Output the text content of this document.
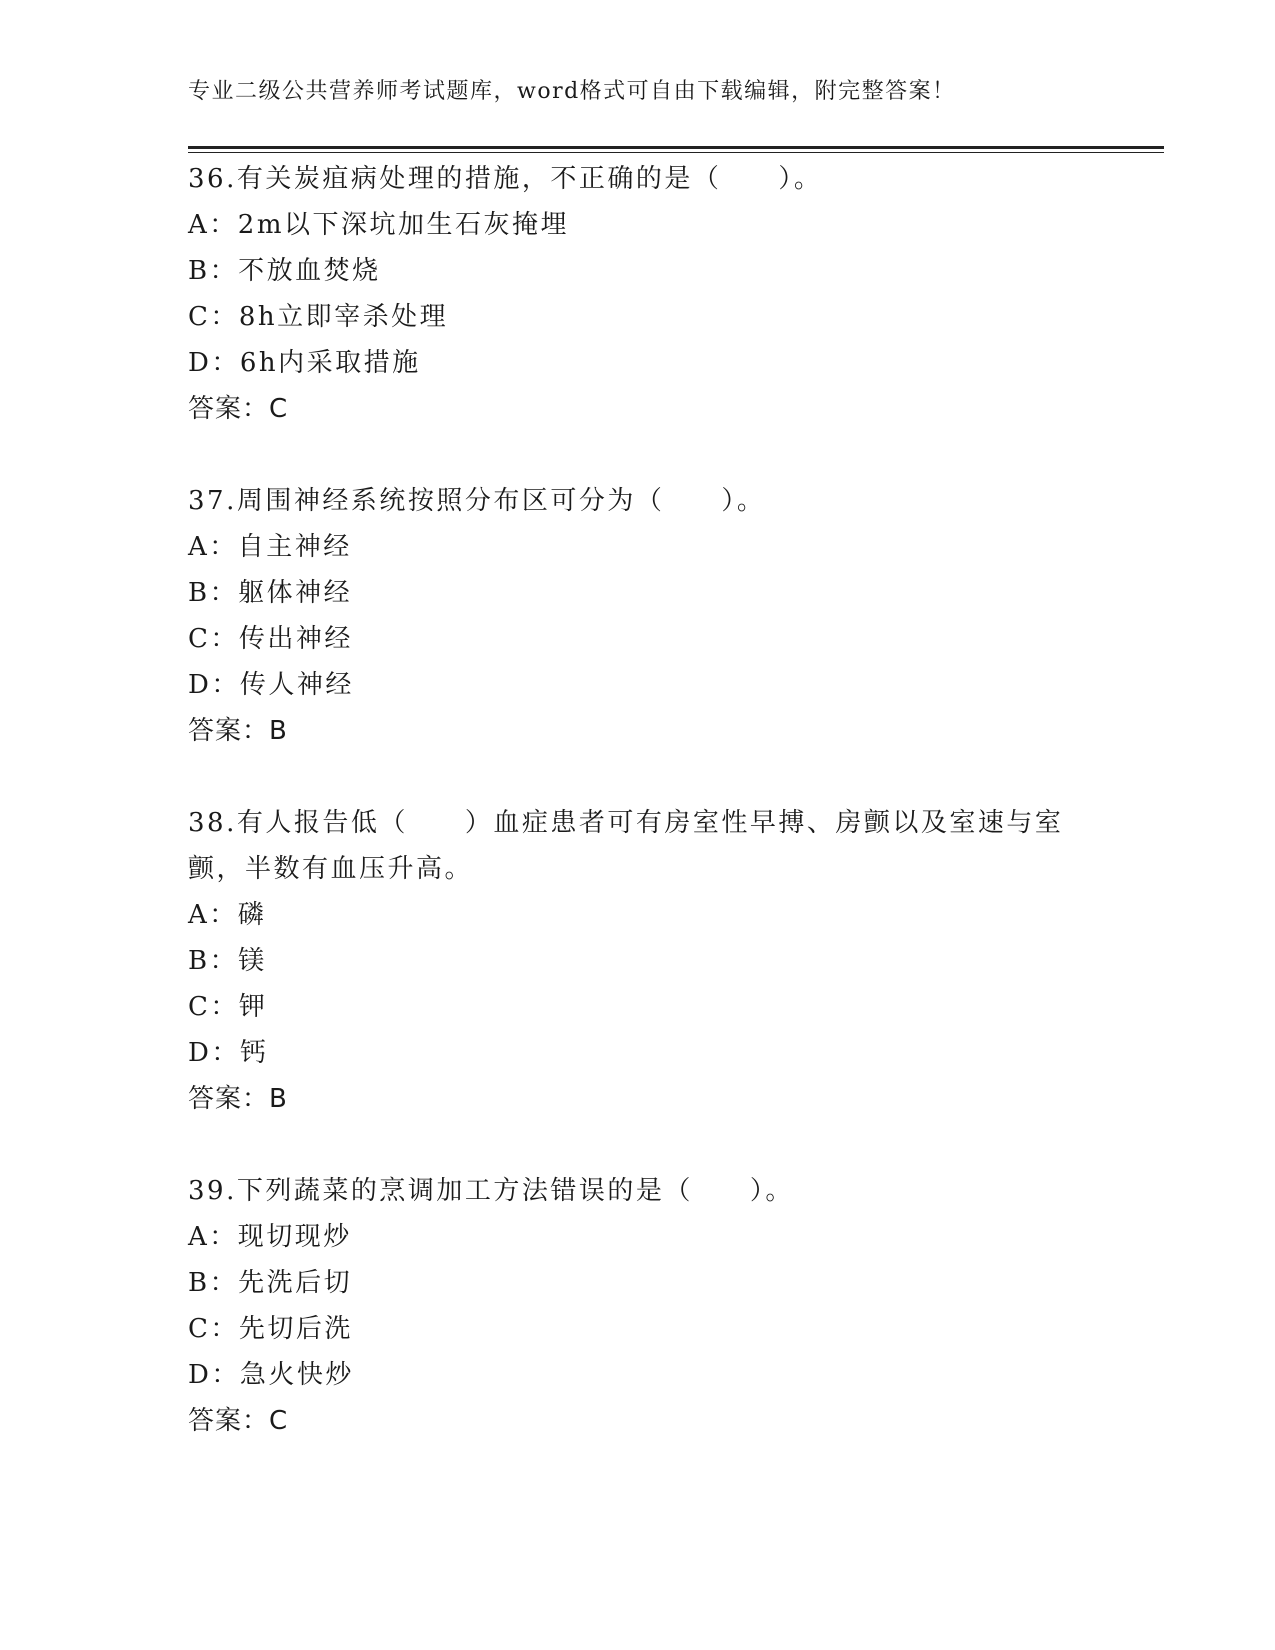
专业二级公共营养师考试题库，word格式可自由下载编辑，附完整答案！
36.有关炭疽病处理的措施，不正确的是（　　）。
A：2m以下深坑加生石灰掩埋
B：不放血焚烧
C：8h立即宰杀处理
D：6h内采取措施
答案：C
37.周围神经系统按照分布区可分为（　　）。
A：自主神经
B：躯体神经
C：传出神经
D：传人神经
答案：B
38.有人报告低（　　）血症患者可有房室性早搏、房颤以及室速与室颤，半数有血压升高。
A：磷
B：镁
C：钾
D：钙
答案：B
39.下列蔬菜的烹调加工方法错误的是（　　）。
A：现切现炒
B：先洗后切
C：先切后洗
D：急火快炒
答案：C
